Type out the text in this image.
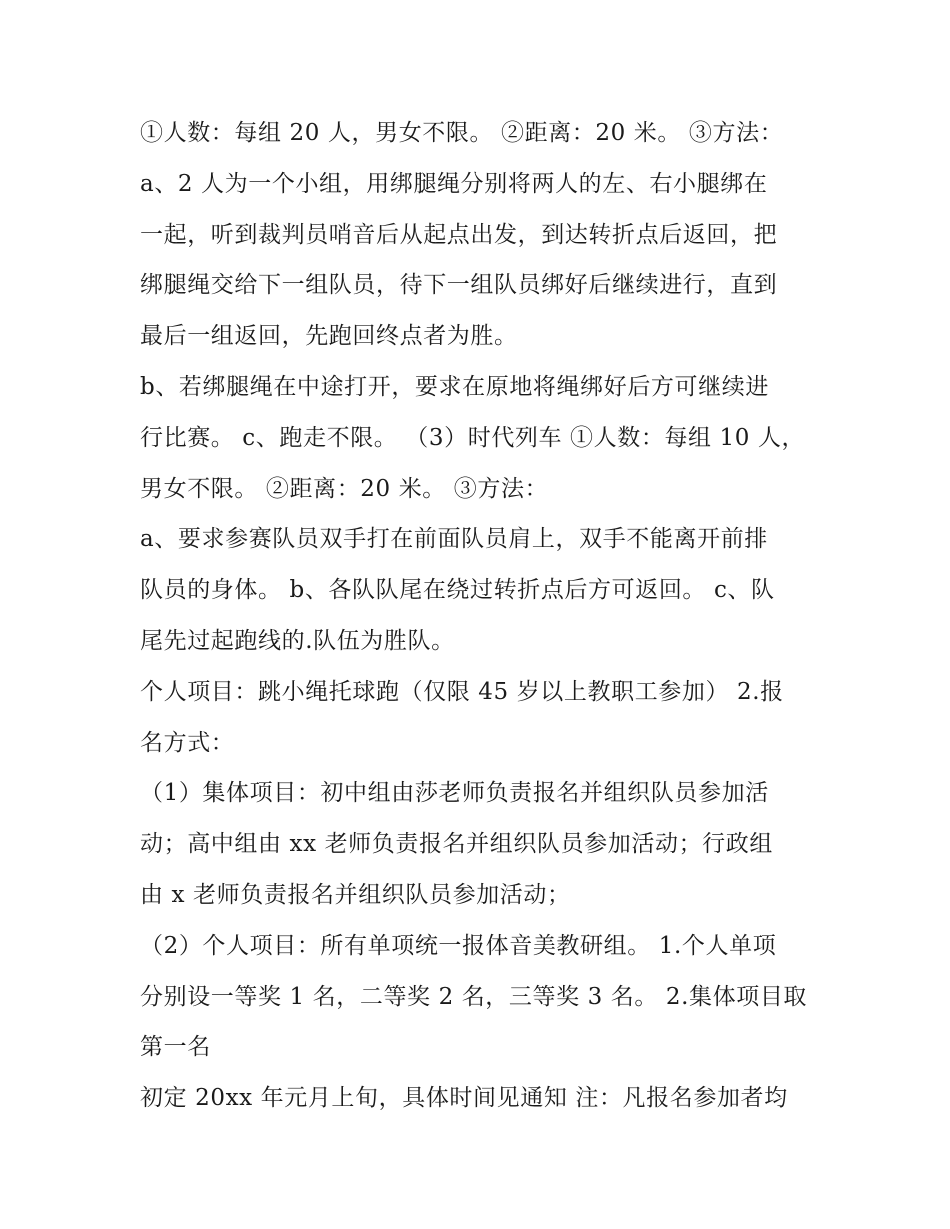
①人数：每组 20 人，男女不限。 ②距离：20 米。 ③方法：
a、2 人为一个小组，用绑腿绳分别将两人的左、右小腿绑在
一起，听到裁判员哨音后从起点出发，到达转折点后返回，把
绑腿绳交给下一组队员，待下一组队员绑好后继续进行，直到
最后一组返回，先跑回终点者为胜。
b、若绑腿绳在中途打开，要求在原地将绳绑好后方可继续进
行比赛。 c、跑走不限。 （3）时代列车 ①人数：每组 10 人，
男女不限。 ②距离：20 米。 ③方法：
a、要求参赛队员双手打在前面队员肩上，双手不能离开前排
队员的身体。 b、各队队尾在绕过转折点后方可返回。 c、队
尾先过起跑线的.队伍为胜队。
个人项目：跳小绳托球跑（仅限 45 岁以上教职工参加） 2.报
名方式：
（1）集体项目：初中组由莎老师负责报名并组织队员参加活
动；高中组由 xx 老师负责报名并组织队员参加活动；行政组
由 x 老师负责报名并组织队员参加活动；
（2）个人项目：所有单项统一报体音美教研组。 1.个人单项
分别设一等奖 1 名，二等奖 2 名，三等奖 3 名。 2.集体项目取
第一名
初定 20xx 年元月上旬，具体时间见通知 注：凡报名参加者均
